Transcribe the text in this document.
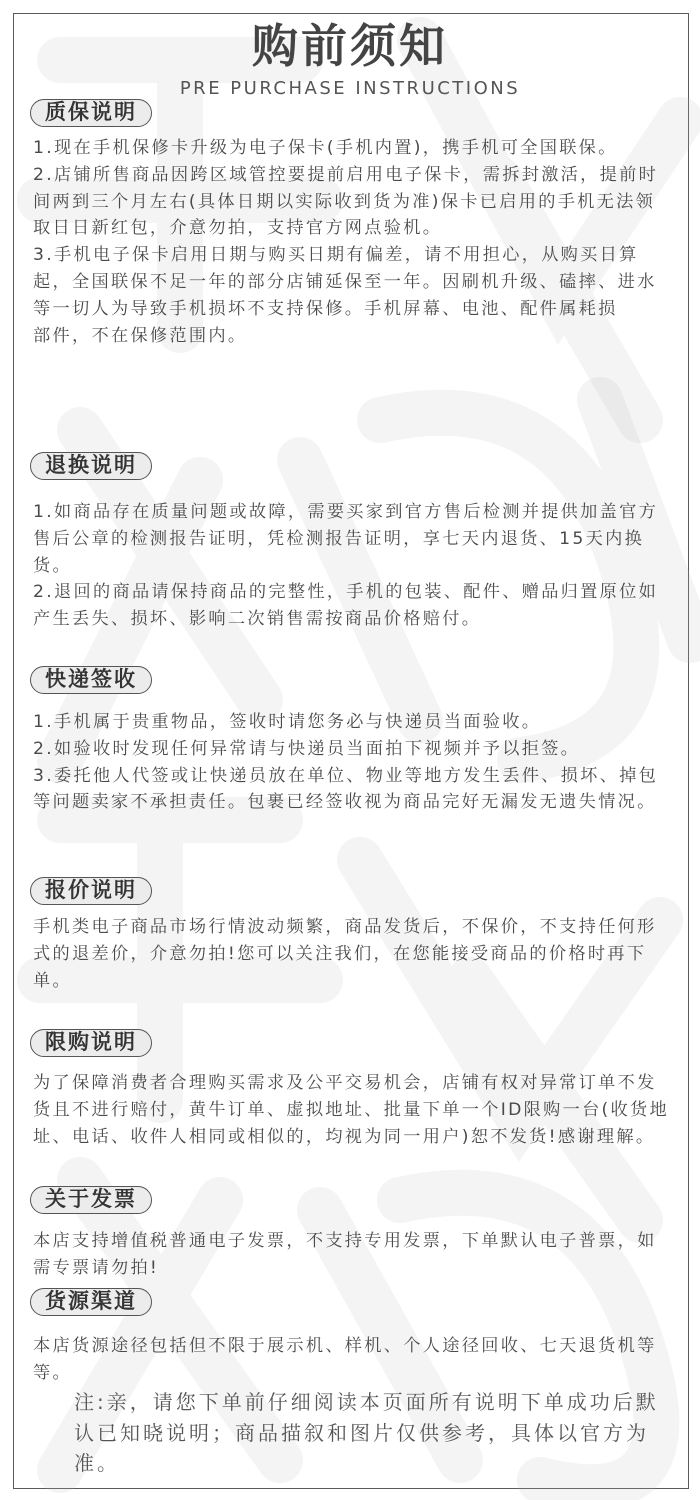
购前须知
PRE PURCHASE INSTRUCTIONS
质保说明

1.现在手机保修卡升级为电子保卡(手机内置)，携手机可全国联保。

2.店铺所售商品因跨区域管控要提前启用电子保卡，需拆封激活，提前时间两到三个月左右(具体日期以实际收到货为准)保卡已启用的手机无法领取日日新红包，介意勿拍，支持官方网点验机。

3.手机电子保卡启用日期与购买日期有偏差，请不用担心，从购买日算起，全国联保不足一年的部分店铺延保至一年。因刷机升级、磕摔、进水等一切人为导致手机损坏不支持保修。手机屏幕、电池、配件属耗损

部件，不在保修范围内。

退换说明

1.如商品存在质量问题或故障，需要买家到官方售后检测并提供加盖官方售后公章的检测报告证明，凭检测报告证明，享七天内退货、15天内换货。

2.退回的商品请保持商品的完整性，手机的包装、配件、赠品归置原位如产生丢失、损坏、影响二次销售需按商品价格赔付。

快递签收

1.手机属于贵重物品，签收时请您务必与快递员当面验收。

2.如验收时发现任何异常请与快递员当面拍下视频并予以拒签。

3.委托他人代签或让快递员放在单位、物业等地方发生丢件、损坏、掉包等问题卖家不承担责任。包裹已经签收视为商品完好无漏发无遗失情况。

报价说明

手机类电子商品市场行情波动频繁，商品发货后，不保价，不支持任何形式的退差价，介意勿拍!您可以关注我们，在您能接受商品的价格时再下单。

限购说明

为了保障消费者合理购买需求及公平交易机会，店铺有权对异常订单不发货且不进行赔付，黄牛订单、虚拟地址、批量下单一个ID限购一台(收货地址、电话、收件人相同或相似的，均视为同一用户)恕不发货!感谢理解。

关于发票

本店支持增值税普通电子发票，不支持专用发票，下单默认电子普票，如需专票请勿拍!

货源渠道

本店货源途径包括但不限于展示机、样机、个人途径回收、七天退货机等等。

注:亲，请您下单前仔细阅读本页面所有说明下单成功后默认已知晓说明；商品描叙和图片仅供参考，具体以官方为准。
